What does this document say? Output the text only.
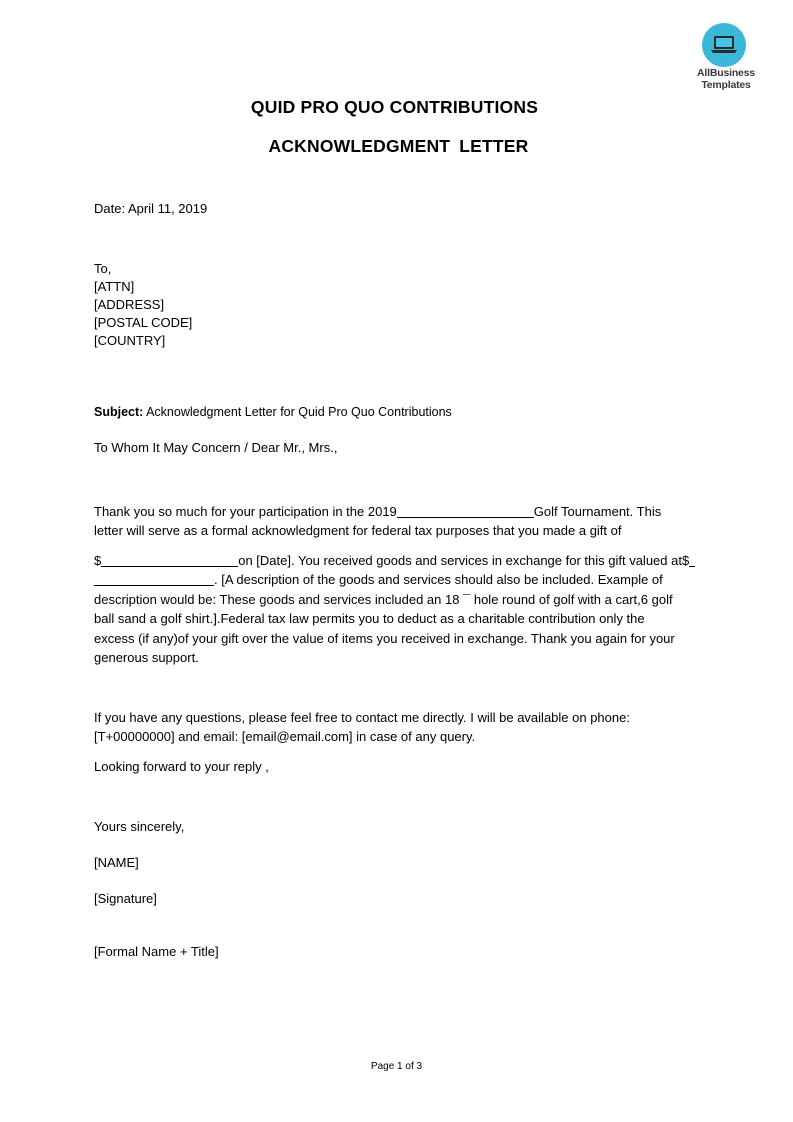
AllBusiness
Templates
QUID PRO QUO CONTRIBUTIONS
ACKNOWLEDGMENT LETTER
Date: April 11, 2019
To,
[ATTN]
[ADDRESS]
[POSTAL CODE]
[COUNTRY]
Subject: Acknowledgment Letter for Quid Pro Quo Contributions
To Whom It May Concern / Dear Mr., Mrs.,
Thank you so much for your participation in the 2019	Golf Tournament. This
letter will serve as a formal acknowledgment for federal tax purposes that you made a gift of
$	on [Date]. You received goods and services in exchange for this gift valued at$
. [A description of the goods and services should also be included. Example of
description would be: These goods and services included an 18 ¯ hole round of golf with a cart,6 golf
ball sand a golf shirt.].Federal tax law permits you to deduct as a charitable contribution only the
excess (if any)of your gift over the value of items you received in exchange. Thank you again for your
generous support.
If you have any questions, please feel free to contact me directly. I will be available on phone:
[T+00000000] and email: [email@email.com] in case of any query.
Looking forward to your reply ,
Yours sincerely,
[NAME]
[Signature]
[Formal Name + Title]
Page 1 of 3
